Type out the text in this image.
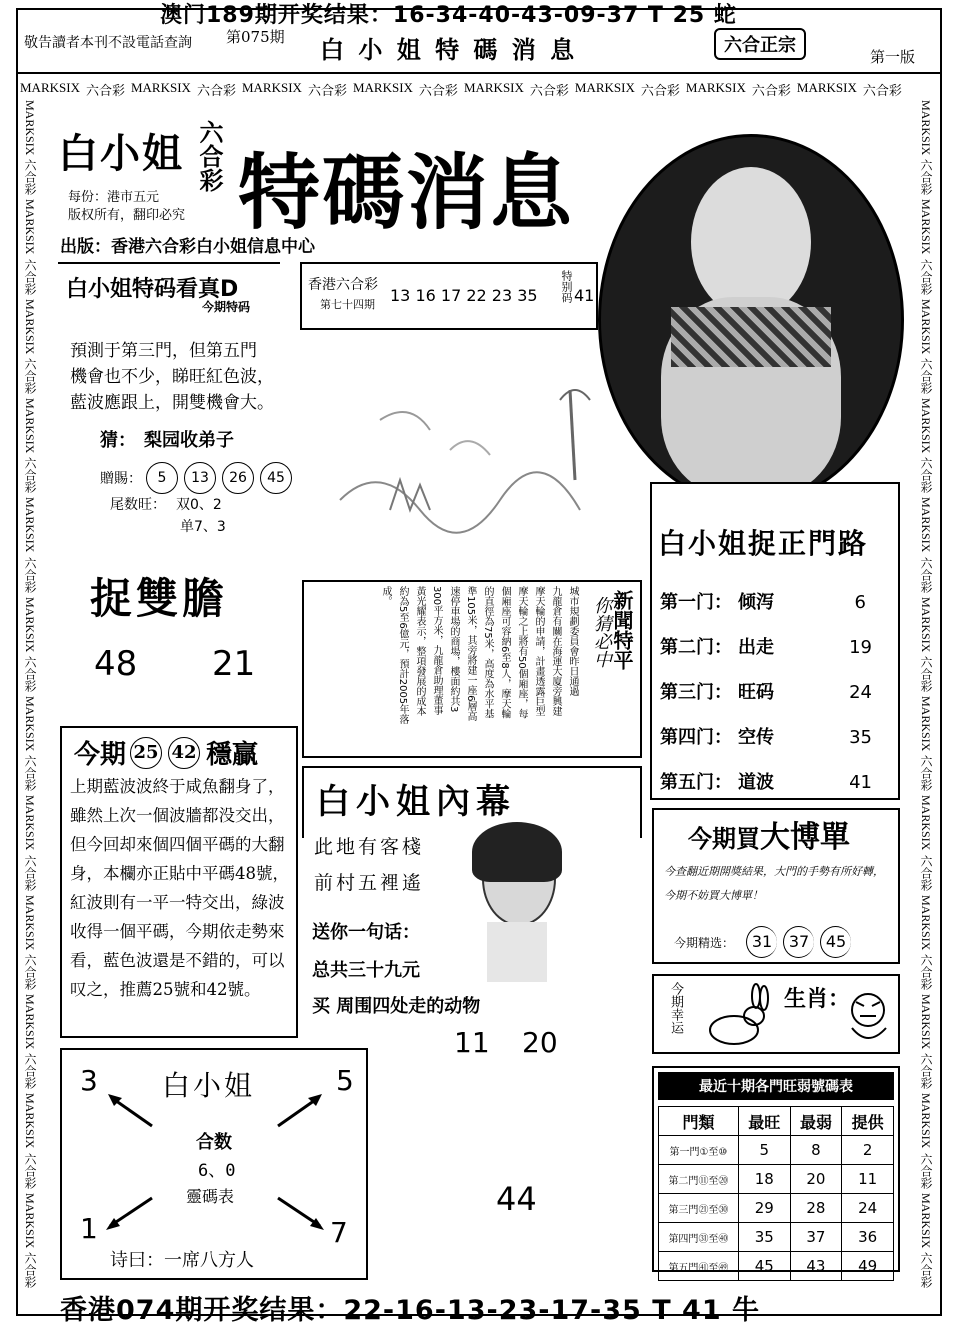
澳门189期开奖结果：16-34-40-43-09-37 T 25 蛇
敬告讀者本刊不設電話查詢 第075期 白 小 姐 特 碼 消 息	六合正宗
第一版
MARKSIX 六合彩 MARKSIX 六合彩 MARKSIX 六合彩 MARKSIX 六合彩 MARKSIX 六合彩 MARKSIX 六合彩 MARKSIX 六合彩 MARKSIX 六合彩
MARKSIX
六合彩
MARKSIX
六合彩
MARKSIX
六合彩
MARKSIX
六合彩
MARKSIX
六合彩
MARKSIX
六合彩
MARKSIX
六合彩
MARKSIX
六合彩
MARKSIX
六合彩
MARKSIX
六合彩
MARKSIX
六合彩
MARKSIX
六合彩
MARKSIX
六合彩
MARKSIX
六合彩
MARKSIX
六合彩
MARKSIX
六合彩
MARKSIX
六合彩
MARKSIX
六合彩
MARKSIX
六合彩
MARKSIX
六合彩
MARKSIX
六合彩
MARKSIX
六合彩
MARKSIX
六合彩
MARKSIX
六合彩
白小姐 六合彩 特碼消息
每份：港市五元
版权所有，翻印必究
出版：香港六合彩白小姐信息中心
白小姐特码看真D
今期特码
預測于第三門，但第五門
機會也不少，睇旺紅色波，
藍波應跟上，開雙機會大。
猜： 梨园收弟子
贈賜：	5	13	26	45
尾数旺： 双0、2
单7、3
香港六合彩
第七十四期 13 16 17 22 23 35 特别码 41
捉雙膽
48 21	新聞特平
你猜必中
城市規劃委員會昨日通過
九龍倉有關在海運大廈旁興建
摩天輪的申請，計畫透露巨型
摩天輪之上將有50個廂座，每
個廂座可容納6至8人，摩天輪
的直徑為75米，高度為水平基
準105米，其旁將建一座6層高
速停車場的商場，樓面約共3
300平方米，九龍倉助理董事
黃光耀表示，整項發展的成本
約為5至6億元，預計2005年落
成。
白小姐捉正門路
第一门： 倾泻	6
第二门： 出走	19
第三门： 旺码	24
第四门： 空传	35
第五门： 道波	41
今期 25 42 穩贏
上期藍波波終于咸魚翻身了，雖然上次一個波牆都没交出，但今回却來個四個平碼的大翻身，本欄亦正貼中平碼48號，紅波則有一平一特交出，綠波收得一個平碼，今期依走勢來看，藍色波還是不錯的，可以叹之，推薦25號和42號。
白小姐內幕
此地有客棧
前村五裡遙
送你一句话：
总共三十九元
买 周围四处走的动物
11 20
44
白小姐
3	5
1	7
合数
6、0
靈碼表
诗曰：一席八方人
今期買大博單
今查翻近期開獎結果，大門的手勢有所好轉，今期不妨買大博單！
今期精选：	31	37	45
今期幸运	生肖：
最近十期各門旺弱號碼表
門類	最旺	最弱	提供
第一門①至⑩	5	8	2
第二門⑪至⑳	18	20	11
第三門㉑至㉚	29	28	24
第四門㉛至㊵	35	37	36
第五門㊶至㊾	45	43	49
香港074期开奖结果：22-16-13-23-17-35 T 41 牛
